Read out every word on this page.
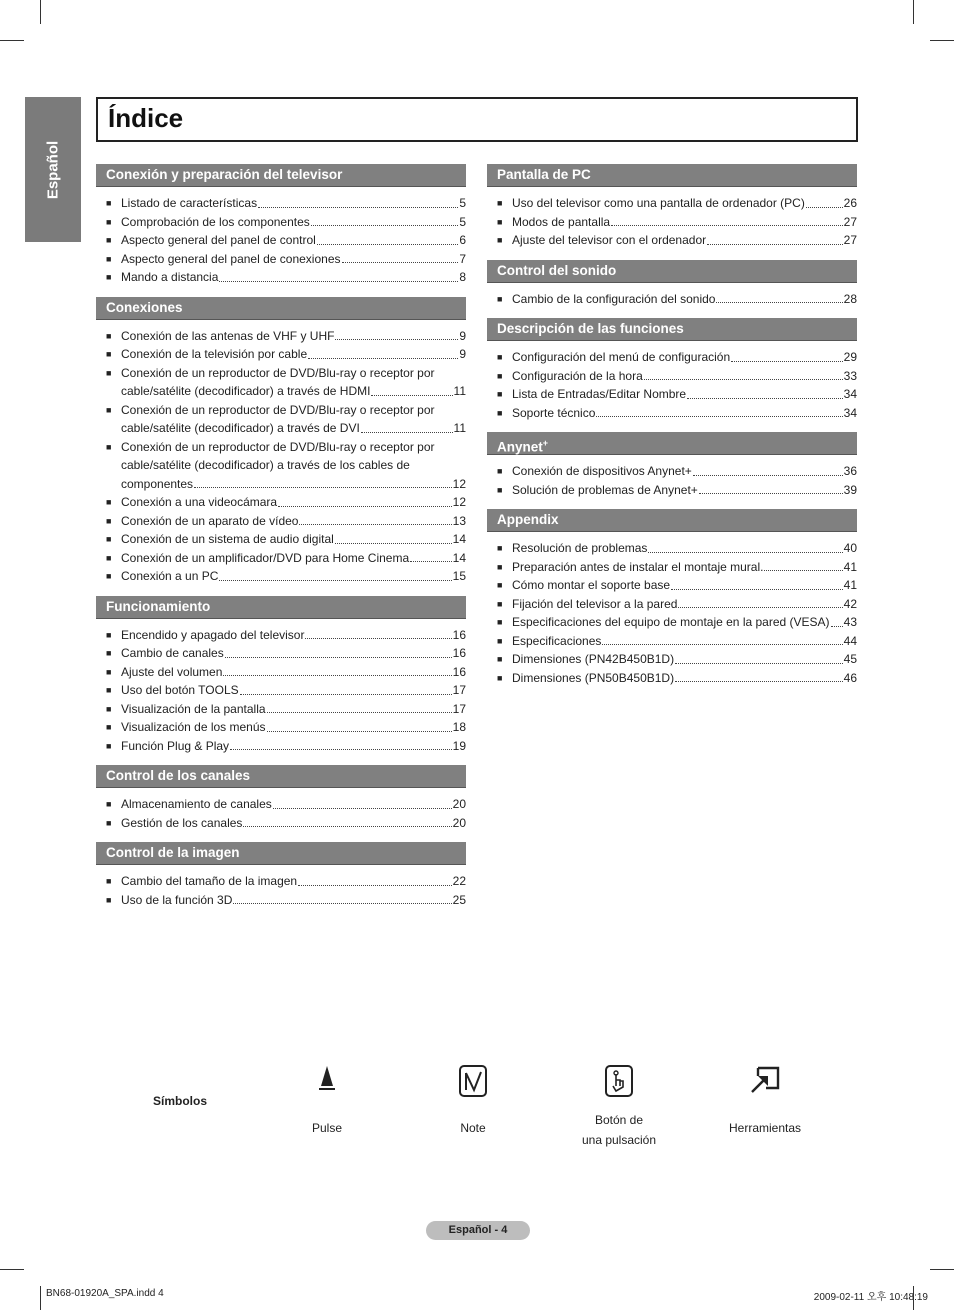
Español
Índice
Conexión y preparación del televisor
■ Listado de características	5
■ Comprobación de los componentes	5
■ Aspecto general del panel de control	6
■ Aspecto general del panel de conexiones	7
■ Mando a distancia	8
Conexiones
■ Conexión de las antenas de VHF y UHF	9
■ Conexión de la televisión por cable	9
■ Conexión de un reproductor de DVD/Blu-ray o receptor por
cable/satélite (decodificador) a través de HDMI	11
■ Conexión de un reproductor de DVD/Blu-ray o receptor por
cable/satélite (decodificador) a través de DVI	11
■ Conexión de un reproductor de DVD/Blu-ray o receptor por
cable/satélite (decodificador) a través de los cables de
componentes	12
■ Conexión a una videocámara	12
■ Conexión de un aparato de vídeo	13
■ Conexión de un sistema de audio digital	14
■ Conexión de un amplificador/DVD para Home Cinema	14
■ Conexión a un PC	15
Funcionamiento
■ Encendido y apagado del televisor	16
■ Cambio de canales	16
■ Ajuste del volumen	16
■ Uso del botón TOOLS	17
■ Visualización de la pantalla	17
■ Visualización de los menús	18
■ Función Plug & Play	19
Control de los canales
■ Almacenamiento de canales	20
■ Gestión de los canales	20
Control de la imagen
■ Cambio del tamaño de la imagen	22
■ Uso de la función 3D	25
Pantalla de PC
■ Uso del televisor como una pantalla de ordenador (PC)	26
■ Modos de pantalla	27
■ Ajuste del televisor con el ordenador	27
Control del sonido
■ Cambio de la configuración del sonido	28
Descripción de las funciones
■ Configuración del menú de configuración	29
■ Configuración de la hora	33
■ Lista de Entradas/Editar Nombre	34
■ Soporte técnico	34
Anynet+
■ Conexión de dispositivos Anynet+	36
■ Solución de problemas de Anynet+	39
Appendix
■ Resolución de problemas	40
■ Preparación antes de instalar el montaje mural.	41
■ Cómo montar el soporte base	41
■ Fijación del televisor a la pared	42
■ Especificaciones del equipo de montaje en la pared (VESA) 43
■ Especificaciones	44
■ Dimensiones (PN42B450B1D)	45
■ Dimensiones (PN50B450B1D)	46
Símbolos
Pulse	Note
Botón de
una pulsación
Herramientas
Español - 4
BN68-01920A_SPA.indd 4	2009-02-11 오후 10:48:19
